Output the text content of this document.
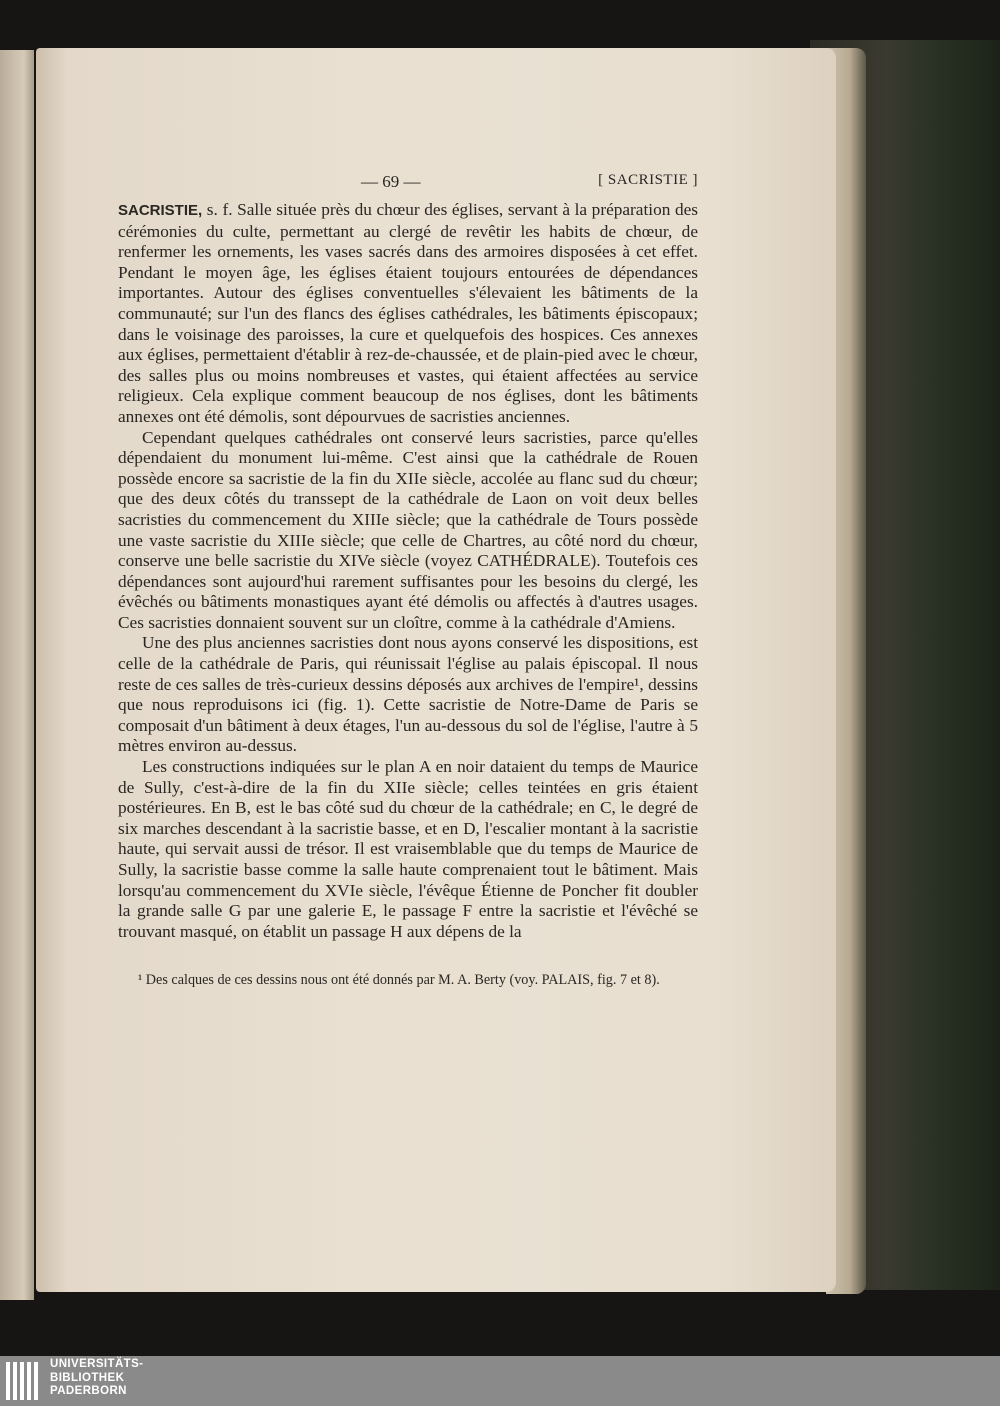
— 69 —	[ SACRISTIE ]

SACRISTIE, s. f. Salle située près du chœur des églises, servant à la préparation des cérémonies du culte, permettant au clergé de revêtir les habits de chœur, de renfermer les ornements, les vases sacrés dans des armoires disposées à cet effet. Pendant le moyen âge, les églises étaient toujours entourées de dépendances importantes. Autour des églises conventuelles s'élevaient les bâtiments de la communauté; sur l'un des flancs des églises cathédrales, les bâtiments épiscopaux; dans le voisinage des paroisses, la cure et quelquefois des hospices. Ces annexes aux églises, permettaient d'établir à rez-de-chaussée, et de plain-pied avec le chœur, des salles plus ou moins nombreuses et vastes, qui étaient affectées au service religieux. Cela explique comment beaucoup de nos églises, dont les bâtiments annexes ont été démolis, sont dépourvues de sacristies anciennes.

Cependant quelques cathédrales ont conservé leurs sacristies, parce qu'elles dépendaient du monument lui-même. C'est ainsi que la cathédrale de Rouen possède encore sa sacristie de la fin du XIIe siècle, accolée au flanc sud du chœur; que des deux côtés du transsept de la cathédrale de Laon on voit deux belles sacristies du commencement du XIIIe siècle; que la cathédrale de Tours possède une vaste sacristie du XIIIe siècle; que celle de Chartres, au côté nord du chœur, conserve une belle sacristie du XIVe siècle (voyez CATHÉDRALE). Toutefois ces dépendances sont aujourd'hui rarement suffisantes pour les besoins du clergé, les évêchés ou bâtiments monastiques ayant été démolis ou affectés à d'autres usages. Ces sacristies donnaient souvent sur un cloître, comme à la cathédrale d'Amiens.

Une des plus anciennes sacristies dont nous ayons conservé les dispositions, est celle de la cathédrale de Paris, qui réunissait l'église au palais épiscopal. Il nous reste de ces salles de très-curieux dessins déposés aux archives de l'empire¹, dessins que nous reproduisons ici (fig. 1). Cette sacristie de Notre-Dame de Paris se composait d'un bâtiment à deux étages, l'un au-dessous du sol de l'église, l'autre à 5 mètres environ au-dessus.

Les constructions indiquées sur le plan A en noir dataient du temps de Maurice de Sully, c'est-à-dire de la fin du XIIe siècle; celles teintées en gris étaient postérieures. En B, est le bas côté sud du chœur de la cathédrale; en C, le degré de six marches descendant à la sacristie basse, et en D, l'escalier montant à la sacristie haute, qui servait aussi de trésor. Il est vraisemblable que du temps de Maurice de Sully, la sacristie basse comme la salle haute comprenaient tout le bâtiment. Mais lorsqu'au commencement du XVIe siècle, l'évêque Étienne de Poncher fit doubler la grande salle G par une galerie E, le passage F entre la sacristie et l'évêché se trouvant masqué, on établit un passage H aux dépens de la

¹ Des calques de ces dessins nous ont été donnés par M. A. Berty (voy. PALAIS, fig. 7 et 8).

UNIVERSITÄTS-
BIBLIOTHEK
PADERBORN
